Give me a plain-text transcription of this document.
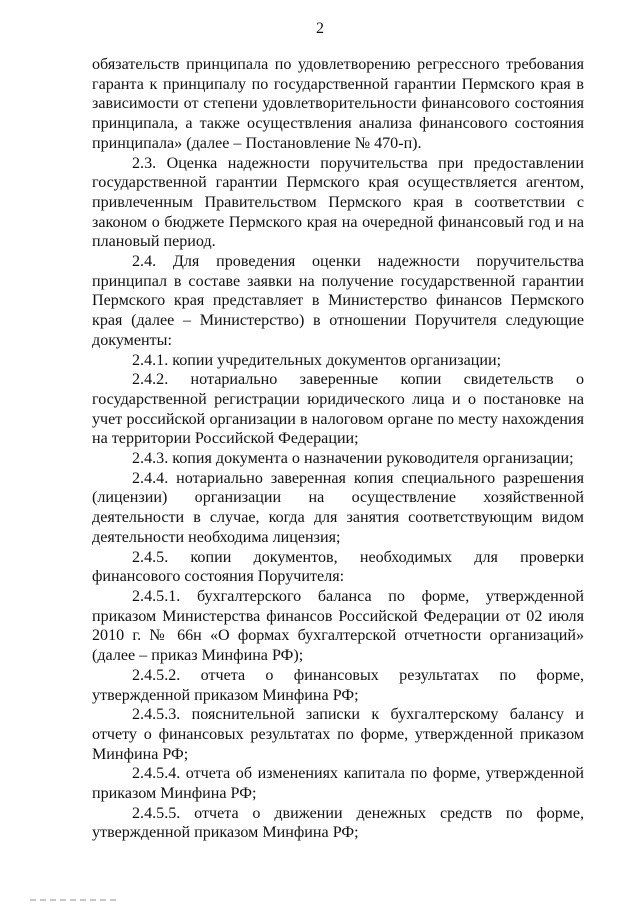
2

обязательств принципала по удовлетворению регрессного требования гаранта к принципалу по государственной гарантии Пермского края в зависимости от степени удовлетворительности финансового состояния принципала, а также осуществления анализа финансового состояния принципала» (далее – Постановление № 470-п).

2.3. Оценка надежности поручительства при предоставлении государственной гарантии Пермского края осуществляется агентом, привлеченным Правительством Пермского края в соответствии с законом о бюджете Пермского края на очередной финансовый год и на плановый период.

2.4. Для проведения оценки надежности поручительства принципал в составе заявки на получение государственной гарантии Пермского края представляет в Министерство финансов Пермского края (далее – Министерство) в отношении Поручителя следующие документы:

2.4.1. копии учредительных документов организации;

2.4.2. нотариально заверенные копии свидетельств о государственной регистрации юридического лица и о постановке на учет российской организации в налоговом органе по месту нахождения на территории Российской Федерации;

2.4.3. копия документа о назначении руководителя организации;

2.4.4. нотариально заверенная копия специального разрешения (лицензии) организации на осуществление хозяйственной деятельности в случае, когда для занятия соответствующим видом деятельности необходима лицензия;

2.4.5. копии документов, необходимых для проверки финансового состояния Поручителя:

2.4.5.1. бухгалтерского баланса по форме, утвержденной приказом Министерства финансов Российской Федерации от 02 июля 2010 г. № 66н «О формах бухгалтерской отчетности организаций» (далее – приказ Минфина РФ);

2.4.5.2. отчета о финансовых результатах по форме, утвержденной приказом Минфина РФ;

2.4.5.3. пояснительной записки к бухгалтерскому балансу и отчету о финансовых результатах по форме, утвержденной приказом Минфина РФ;

2.4.5.4. отчета об изменениях капитала по форме, утвержденной приказом Минфина РФ;

2.4.5.5. отчета о движении денежных средств по форме, утвержденной приказом Минфина РФ;
